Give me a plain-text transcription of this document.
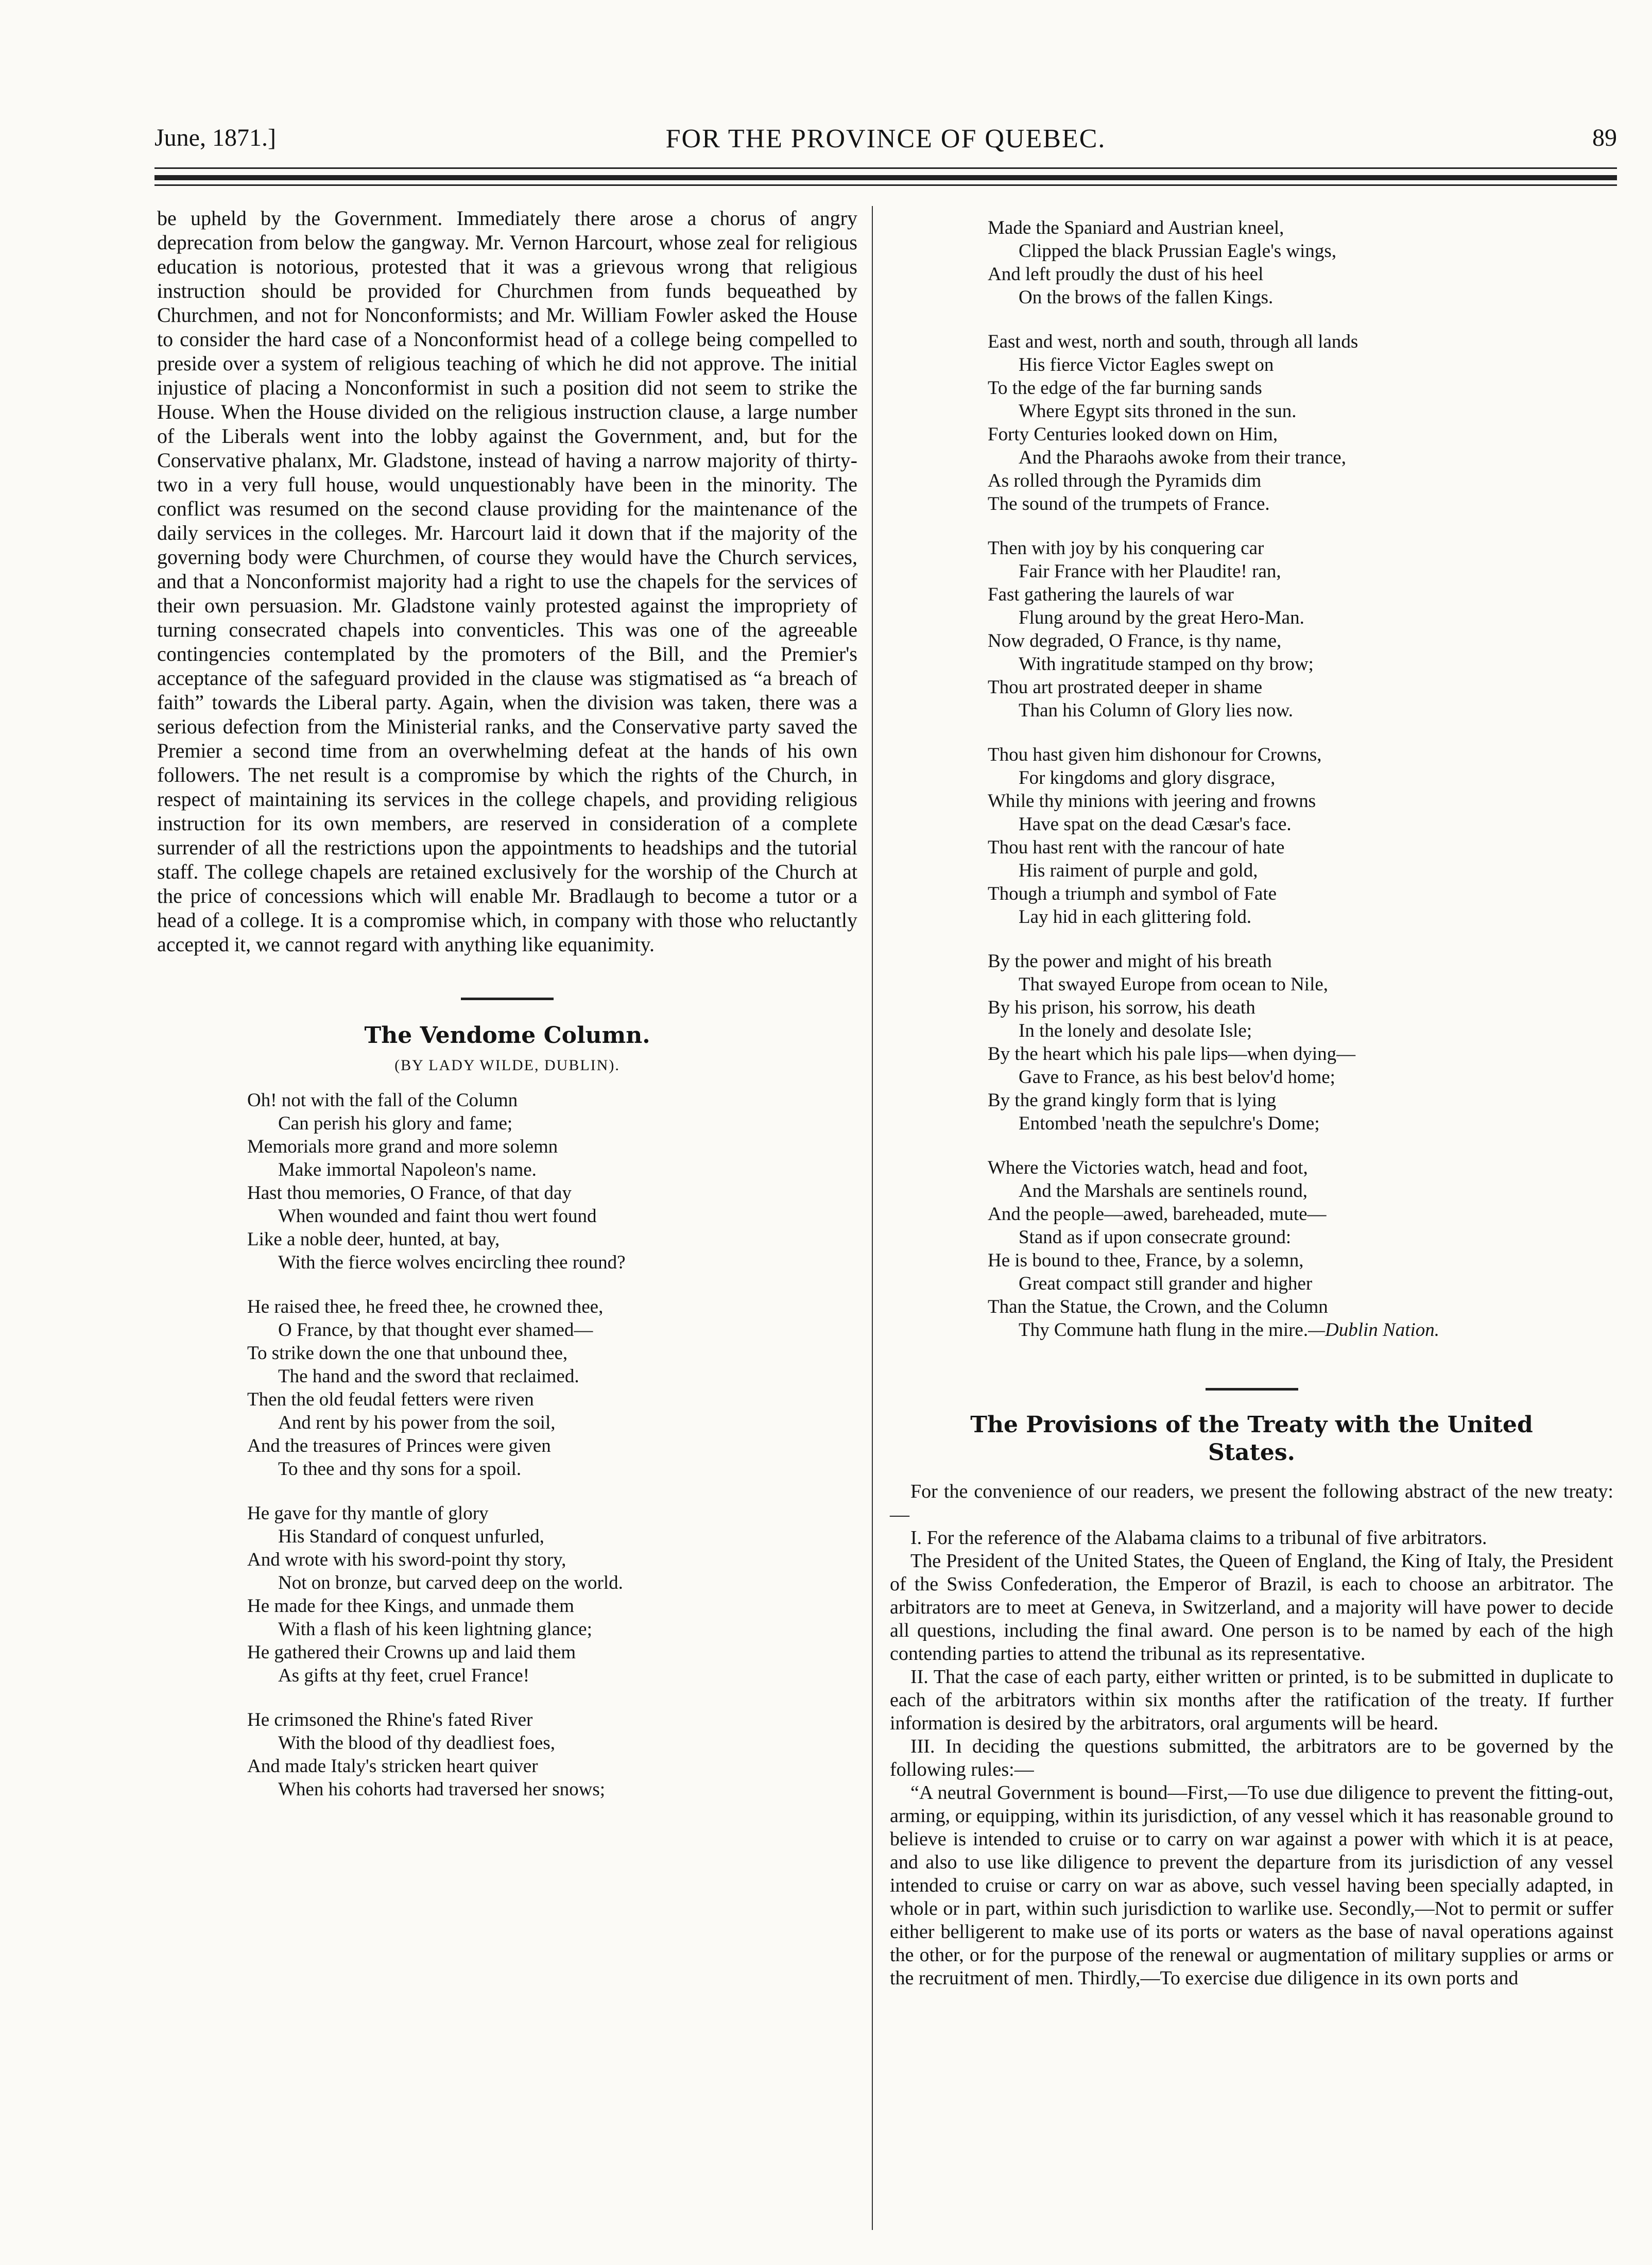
June, 1871.]	FOR THE PROVINCE OF QUEBEC.	89

be upheld by the Government. Immediately there arose a chorus of angry deprecation from below the gangway. Mr. Vernon Harcourt, whose zeal for religious education is notorious, protested that it was a grievous wrong that religious instruction should be provided for Churchmen from funds bequeathed by Churchmen, and not for Nonconformists; and Mr. William Fowler asked the House to consider the hard case of a Nonconformist head of a college being compelled to preside over a system of religious teaching of which he did not approve. The initial injustice of placing a Nonconformist in such a position did not seem to strike the House. When the House divided on the religious instruction clause, a large number of the Liberals went into the lobby against the Government, and, but for the Conservative phalanx, Mr. Gladstone, instead of having a narrow majority of thirty-two in a very full house, would unquestionably have been in the minority. The conflict was resumed on the second clause providing for the maintenance of the daily services in the colleges. Mr. Harcourt laid it down that if the majority of the governing body were Churchmen, of course they would have the Church services, and that a Nonconformist majority had a right to use the chapels for the services of their own persuasion. Mr. Gladstone vainly protested against the impropriety of turning consecrated chapels into conventicles. This was one of the agreeable contingencies contemplated by the promoters of the Bill, and the Premier's acceptance of the safeguard provided in the clause was stigmatised as “a breach of faith” towards the Liberal party. Again, when the division was taken, there was a serious defection from the Ministerial ranks, and the Conservative party saved the Premier a second time from an overwhelming defeat at the hands of his own followers. The net result is a compromise by which the rights of the Church, in respect of maintaining its services in the college chapels, and providing religious instruction for its own members, are reserved in consideration of a complete surrender of all the restrictions upon the appointments to headships and the tutorial staff. The college chapels are retained exclusively for the worship of the Church at the price of concessions which will enable Mr. Bradlaugh to become a tutor or a head of a college. It is a compromise which, in company with those who reluctantly accepted it, we cannot regard with anything like equanimity.

The Vendome Column.

(BY LADY WILDE, DUBLIN).

Oh! not with the fall of the Column
Can perish his glory and fame;
Memorials more grand and more solemn
Make immortal Napoleon's name.
Hast thou memories, O France, of that day
When wounded and faint thou wert found
Like a noble deer, hunted, at bay,
With the fierce wolves encircling thee round?
He raised thee, he freed thee, he crowned thee,
O France, by that thought ever shamed—
To strike down the one that unbound thee,
The hand and the sword that reclaimed.
Then the old feudal fetters were riven
And rent by his power from the soil,
And the treasures of Princes were given
To thee and thy sons for a spoil.
He gave for thy mantle of glory
His Standard of conquest unfurled,
And wrote with his sword-point thy story,
Not on bronze, but carved deep on the world.
He made for thee Kings, and unmade them
With a flash of his keen lightning glance;
He gathered their Crowns up and laid them
As gifts at thy feet, cruel France!
He crimsoned the Rhine's fated River
With the blood of thy deadliest foes,
And made Italy's stricken heart quiver
When his cohorts had traversed her snows;
Made the Spaniard and Austrian kneel,
Clipped the black Prussian Eagle's wings,
And left proudly the dust of his heel
On the brows of the fallen Kings.
East and west, north and south, through all lands
His fierce Victor Eagles swept on
To the edge of the far burning sands
Where Egypt sits throned in the sun.
Forty Centuries looked down on Him,
And the Pharaohs awoke from their trance,
As rolled through the Pyramids dim
The sound of the trumpets of France.
Then with joy by his conquering car
Fair France with her Plaudite! ran,
Fast gathering the laurels of war
Flung around by the great Hero-Man.
Now degraded, O France, is thy name,
With ingratitude stamped on thy brow;
Thou art prostrated deeper in shame
Than his Column of Glory lies now.
Thou hast given him dishonour for Crowns,
For kingdoms and glory disgrace,
While thy minions with jeering and frowns
Have spat on the dead Cæsar's face.
Thou hast rent with the rancour of hate
His raiment of purple and gold,
Though a triumph and symbol of Fate
Lay hid in each glittering fold.
By the power and might of his breath
That swayed Europe from ocean to Nile,
By his prison, his sorrow, his death
In the lonely and desolate Isle;
By the heart which his pale lips—when dying—
Gave to France, as his best belov'd home;
By the grand kingly form that is lying
Entombed 'neath the sepulchre's Dome;
Where the Victories watch, head and foot,
And the Marshals are sentinels round,
And the people—awed, bareheaded, mute—
Stand as if upon consecrate ground:
He is bound to thee, France, by a solemn,
Great compact still grander and higher
Than the Statue, the Crown, and the Column
Thy Commune hath flung in the mire.—Dublin Nation.
The Provisions of the Treaty with the United States.

For the convenience of our readers, we present the following abstract of the new treaty:—

I. For the reference of the Alabama claims to a tribunal of five arbitrators.

The President of the United States, the Queen of England, the King of Italy, the President of the Swiss Confederation, the Emperor of Brazil, is each to choose an arbitrator. The arbitrators are to meet at Geneva, in Switzerland, and a majority will have power to decide all questions, including the final award. One person is to be named by each of the high contending parties to attend the tribunal as its representative.

II. That the case of each party, either written or printed, is to be submitted in duplicate to each of the arbitrators within six months after the ratification of the treaty. If further information is desired by the arbitrators, oral arguments will be heard.

III. In deciding the questions submitted, the arbitrators are to be governed by the following rules:—

“A neutral Government is bound—First,—To use due diligence to prevent the fitting-out, arming, or equipping, within its jurisdiction, of any vessel which it has reasonable ground to believe is intended to cruise or to carry on war against a power with which it is at peace, and also to use like diligence to prevent the departure from its jurisdiction of any vessel intended to cruise or carry on war as above, such vessel having been specially adapted, in whole or in part, within such jurisdiction to warlike use. Secondly,—Not to permit or suffer either belligerent to make use of its ports or waters as the base of naval operations against the other, or for the purpose of the renewal or augmentation of military supplies or arms or the recruitment of men. Thirdly,—To exercise due diligence in its own ports and
